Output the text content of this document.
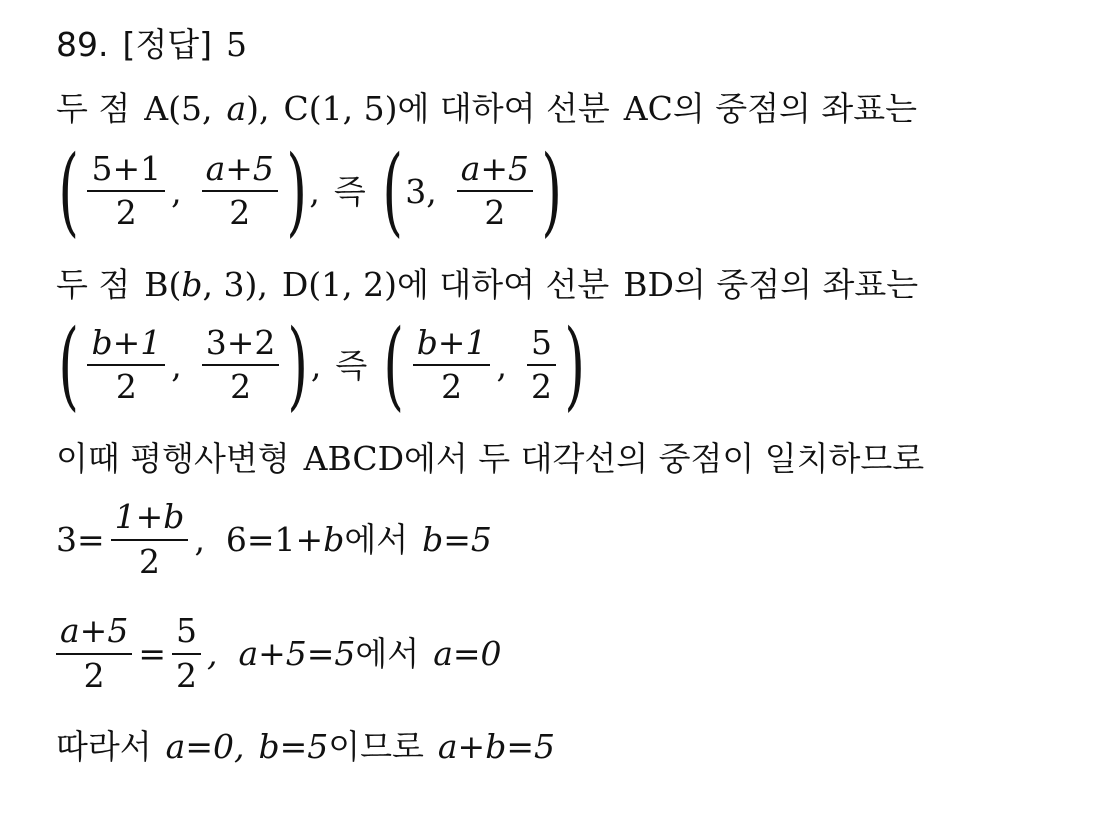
89. [정답] 5
두 점 A(5, a ), C(1, 5) 에 대하여 선분 AC 의 중점의 좌표는
( $\frac{5+1}{2}$ , $\frac{a+5}{2}$ ) , 즉 ( 3, $\frac{a+5}{2}$ )
두 점 B( b , 3), D(1, 2) 에 대하여 선분 BD 의 중점의 좌표는
( $\frac{b+1}{2}$ , $\frac{3+2}{2}$ ) , 즉 ( $\frac{b+1}{2}$ , $\frac{5}{2}$ )
이때 평행사변형 ABCD 에서 두 대각선의 중점이 일치하므로
$3= \frac{1+b}{2}$ ,  6=1+ b 에서 b=5
$\frac{a+5}{2} = \frac{5}{2}$ ,  a+5=5 에서 a=0
따라서 a=0, b=5 이므로 a+b=5
